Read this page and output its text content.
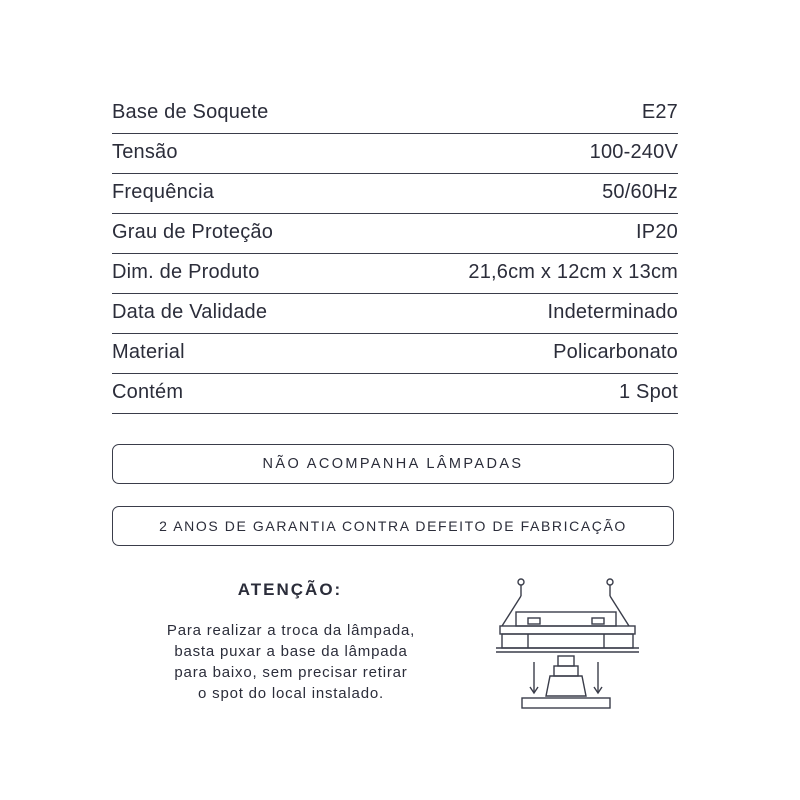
Base de Soquete	E27
Tensão	100-240V
Frequência	50/60Hz
Grau de Proteção	IP20
Dim. de Produto	21,6cm x 12cm x 13cm
Data de Validade	Indeterminado
Material	Policarbonato
Contém	1 Spot
NÃO ACOMPANHA LÂMPADAS
2 ANOS DE GARANTIA CONTRA DEFEITO DE FABRICAÇÃO
ATENÇÃO:
Para realizar a troca da lâmpada,
basta puxar a base da lâmpada
para baixo, sem precisar retirar
o spot do local instalado.
